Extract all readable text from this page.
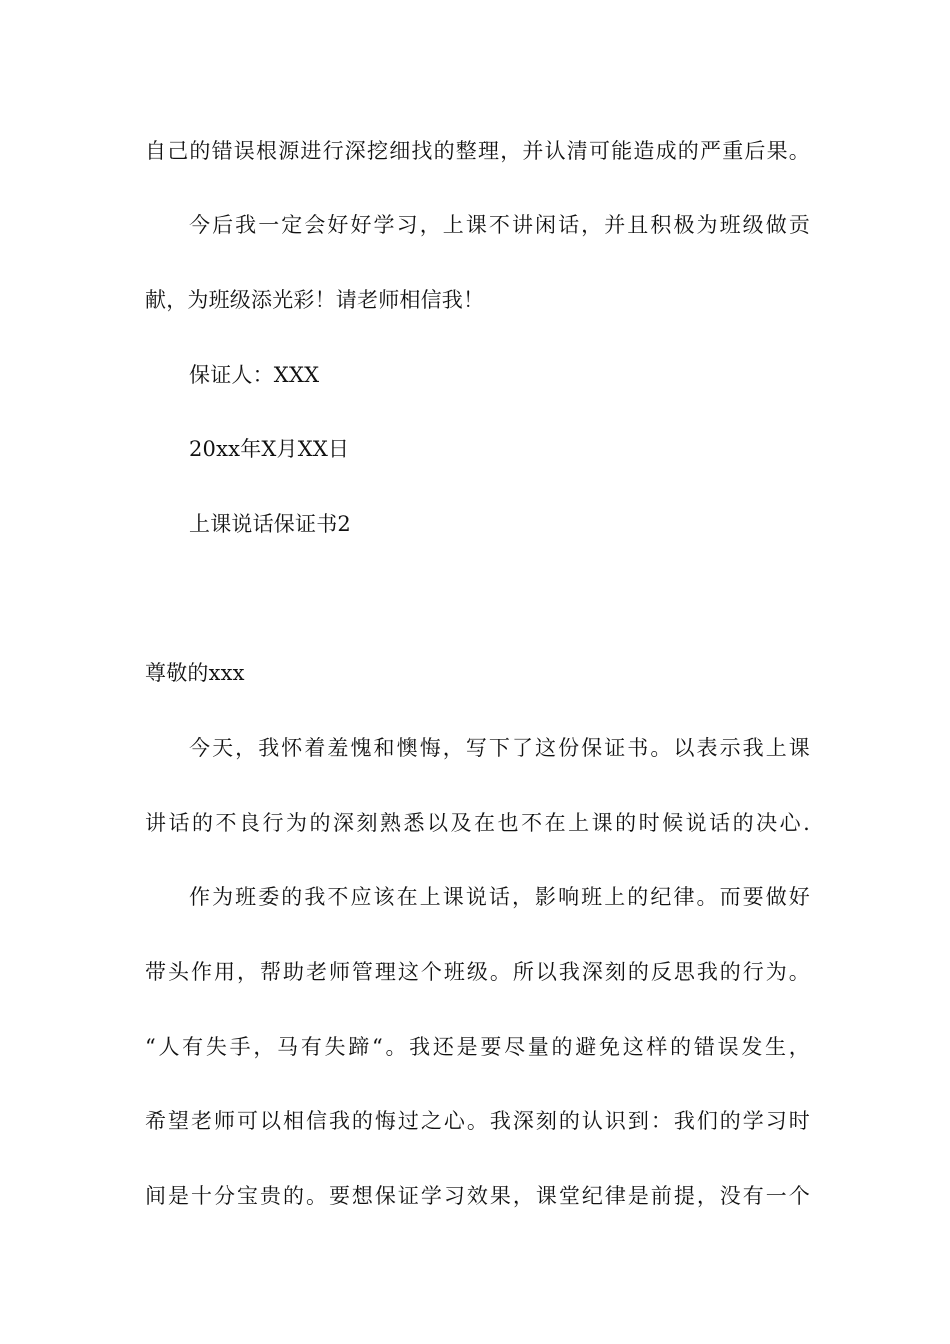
自己的错误根源进行深挖细找的整理，并认清可能造成的严重后果。
今后我一定会好好学习，上课不讲闲话，并且积极为班级做贡
献，为班级添光彩！请老师相信我！
保证人：XXX
20xx年X月XX日
上课说话保证书2
尊敬的xxx
今天，我怀着羞愧和懊悔，写下了这份保证书。以表示我上课
讲话的不良行为的深刻熟悉以及在也不在上课的时候说话的决心.
作为班委的我不应该在上课说话，影响班上的纪律。而要做好
带头作用，帮助老师管理这个班级。所以我深刻的反思我的行为。
“人有失手，马有失蹄“。我还是要尽量的避免这样的错误发生，
希望老师可以相信我的悔过之心。我深刻的认识到：我们的学习时
间是十分宝贵的。要想保证学习效果，课堂纪律是前提，没有一个
